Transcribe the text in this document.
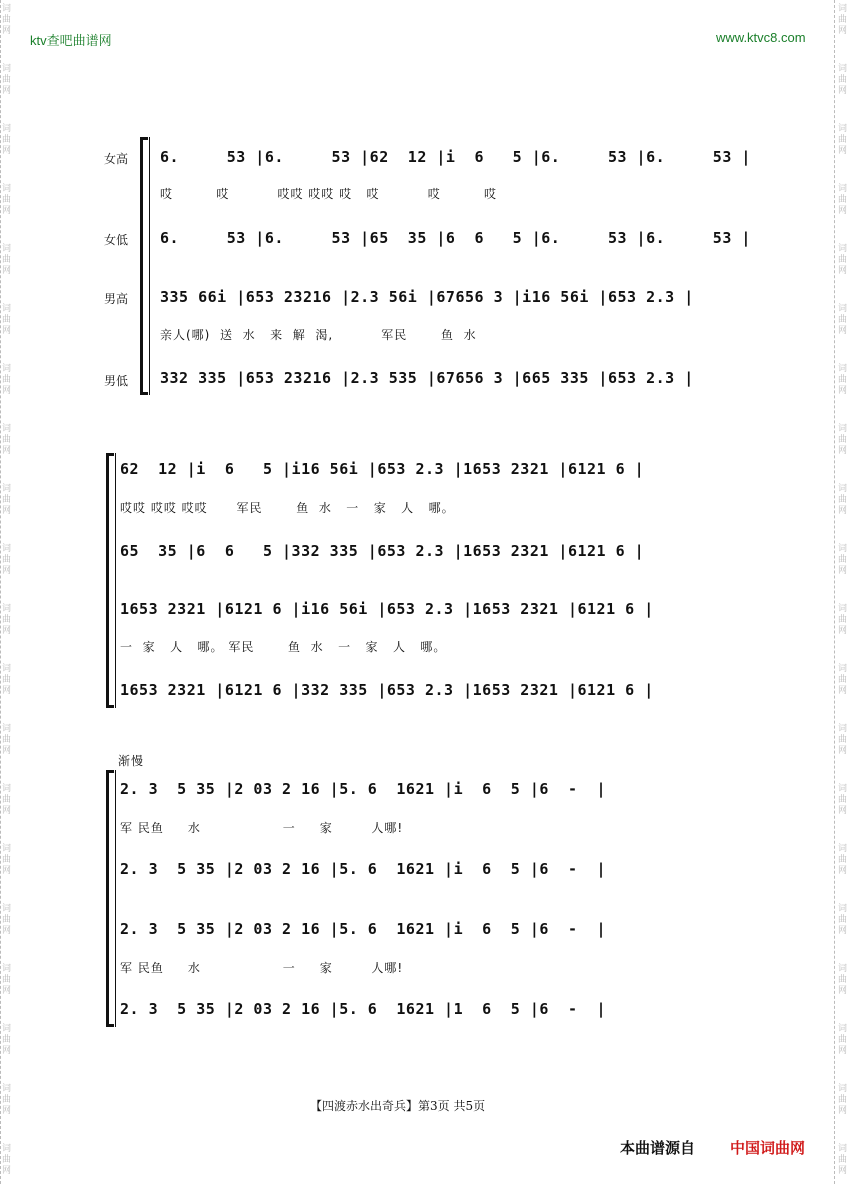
词曲网
词曲网
词曲网
词曲网
词曲网
词曲网
词曲网
词曲网
词曲网
词曲网
词曲网
词曲网
词曲网
词曲网
词曲网
词曲网
词曲网
词曲网
词曲网
词曲网
词曲网
词曲网
词曲网
词曲网
词曲网
词曲网
词曲网
词曲网
词曲网
词曲网
词曲网
词曲网
词曲网
词曲网
词曲网
词曲网
词曲网
词曲网
词曲网
词曲网
ktv查吧曲谱网	www.ktvc8.com
女高
女低
男高
男低
6.     53 |6.     53 |62  12 |i  6   5 |6.     53 |6.     53 |
哎         哎          哎哎 哎哎 哎   哎          哎         哎
6.     53 |6.     53 |65  35 |6  6   5 |6.     53 |6.     53 |
335 66i |653 23216 |2.3 56i |67656 3 |i16 56i |653 2.3 |
亲人(哪)  送  水   来  解  渴,          军民       鱼  水
332 335 |653 23216 |2.3 535 |67656 3 |665 335 |653 2.3 |
62  12 |i  6   5 |i16 56i |653 2.3 |1653 2321 |6121 6 |
哎哎 哎哎 哎哎      军民       鱼  水   一   家   人   哪。
65  35 |6  6   5 |332 335 |653 2.3 |1653 2321 |6121 6 |
1653 2321 |6121 6 |i16 56i |653 2.3 |1653 2321 |6121 6 |
一  家   人   哪。 军民       鱼  水   一   家   人   哪。
1653 2321 |6121 6 |332 335 |653 2.3 |1653 2321 |6121 6 |
渐慢
2. 3  5 35 |2 03 2 16 |5. 6  1621 |i  6  5 |6  -  |
军 民鱼     水                 一     家        人哪!
2. 3  5 35 |2 03 2 16 |5. 6  1621 |i  6  5 |6  -  |
2. 3  5 35 |2 03 2 16 |5. 6  1621 |i  6  5 |6  -  |
军 民鱼     水                 一     家        人哪!
2. 3  5 35 |2 03 2 16 |5. 6  1621 |1  6  5 |6  -  |
【四渡赤水出奇兵】第3页 共5页
本曲谱源自 中国词曲网
